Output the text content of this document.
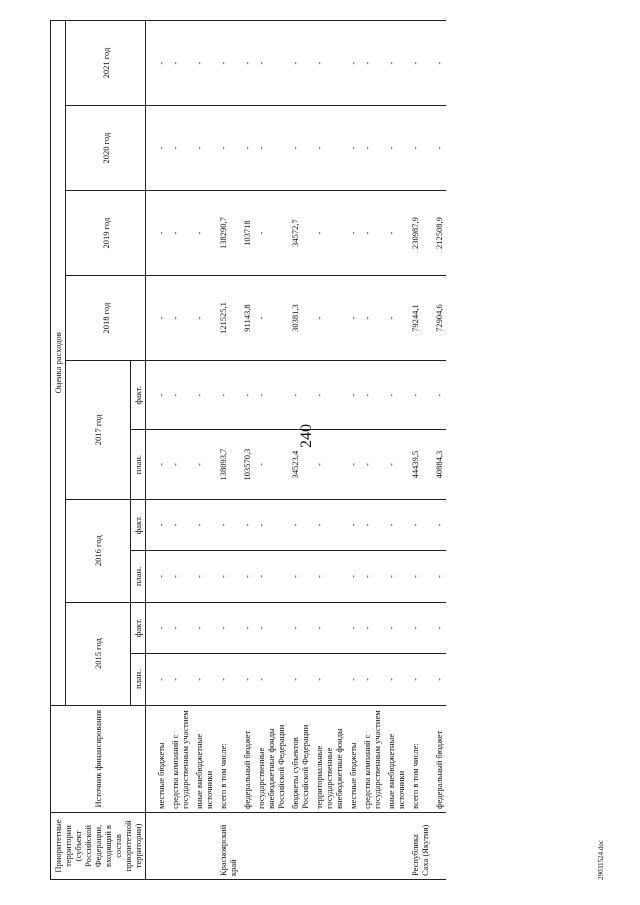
240
29031524.doc
Приоритетные территории (субъект Российской Федерации, входящий в состав приоритетной территории)	Источник финансирования	Оценка расходов									
		2015 год		2016 год		2017 год		2018 год	2019 год	2020 год	2021 год
		план.	факт.	план.	факт.	план.	факт.				

	местные бюджеты	-	-	-	-	-	-	-	-	-	-
	средства компаний с государственным участием	-	-	-	-	-	-	-	-	-	-
	иные внебюджетные источники	-	-	-	-	-	-	-	-	-	-
Красноярский край	всего в том числе:	-	-	-	-	138093,7	-	121525,1	138290,7	-	-
	федеральный бюджет	-	-	-	-	103570,3	-	91143,8	103718	-	-
	государственные внебюджетные фонды Российской Федерации	-	-	-	-	-	-	-	-	-	-
	бюджеты субъектов Российской Федерации	-	-	-	-	34523,4	-	30381,3	34572,7	-	-
	территориальные государственные внебюджетные фонды	-	-	-	-	-	-	-	-	-	-
	местные бюджеты	-	-	-	-	-	-	-	-	-	-
	средства компаний с государственным участием	-	-	-	-	-	-	-	-	-	-
	иные внебюджетные источники	-	-	-	-	-	-	-	-	-	-
Республика Саха (Якутия)	всего в том числе:	-	-	-	-	44439,5	-	79244,1	230987,9	-	-
	федеральный бюджет	-	-	-	-	40884,3	-	72904,6	212508,9	-	-
